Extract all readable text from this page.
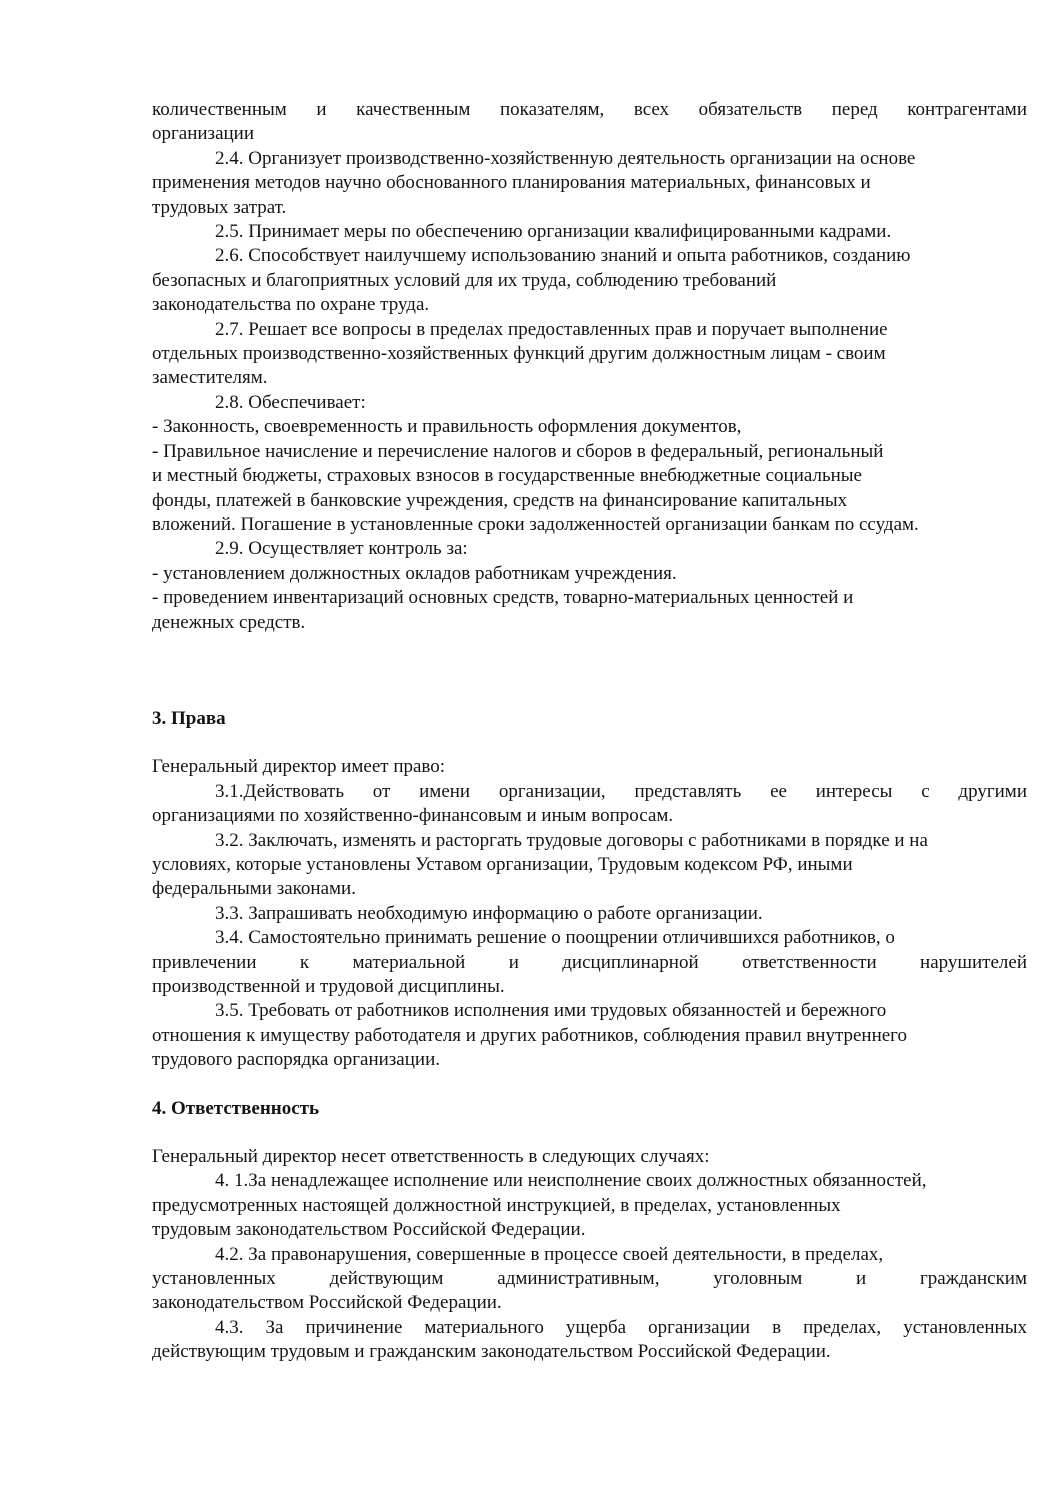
количественным и качественным показателям, всех обязательств перед контрагентами

организации

2.4. Организует производственно-хозяйственную деятельность организации на основе

применения методов научно обоснованного планирования материальных, финансовых и

трудовых затрат.

2.5. Принимает меры по обеспечению организации квалифицированными кадрами.

2.6. Способствует наилучшему использованию знаний и опыта работников, созданию

безопасных и благоприятных условий для их труда, соблюдению требований

законодательства по охране труда.

2.7. Решает все вопросы в пределах предоставленных прав и поручает выполнение

отдельных производственно-хозяйственных функций другим должностным лицам - своим

заместителям.

2.8. Обеспечивает:

- Законность, своевременность и правильность оформления документов,

- Правильное начисление и перечисление налогов и сборов в федеральный, региональный

и местный бюджеты, страховых взносов в государственные внебюджетные социальные

фонды, платежей в банковские учреждения, средств на финансирование капитальных

вложений. Погашение в установленные сроки задолженностей организации банкам по ссудам.

2.9. Осуществляет контроль за:

- установлением должностных окладов работникам учреждения.

- проведением инвентаризаций основных средств, товарно-материальных ценностей и

денежных средств.

3. Права

Генеральный директор имеет право:

3.1.Действовать от имени организации, представлять ее интересы с другими

организациями по хозяйственно-финансовым и иным вопросам.

3.2. Заключать, изменять и расторгать трудовые договоры с работниками в порядке и на

условиях, которые установлены Уставом организации, Трудовым кодексом РФ, иными

федеральными законами.

3.3. Запрашивать необходимую информацию о работе организации.

3.4. Самостоятельно принимать решение о поощрении отличившихся работников, о

привлечении к материальной и дисциплинарной ответственности нарушителей

производственной и трудовой дисциплины.

3.5. Требовать от работников исполнения ими трудовых обязанностей и бережного

отношения к имуществу работодателя и других работников, соблюдения правил внутреннего

трудового распорядка организации.

4. Ответственность

Генеральный директор несет ответственность в следующих случаях:

4. 1.За ненадлежащее исполнение или неисполнение своих должностных обязанностей,

предусмотренных настоящей должностной инструкцией, в пределах, установленных

трудовым законодательством Российской Федерации.

4.2. За правонарушения, совершенные в процессе своей деятельности, в пределах,

установленных действующим административным, уголовным и гражданским

законодательством Российской Федерации.

4.3. За причинение материального ущерба организации в пределах, установленных

действующим трудовым и гражданским законодательством Российской Федерации.
